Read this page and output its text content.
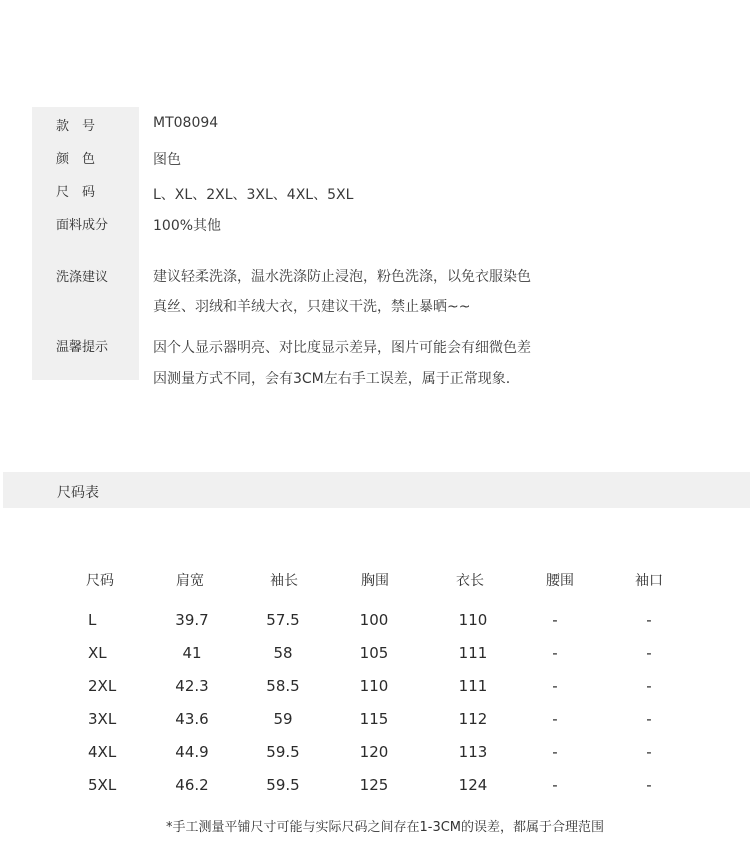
款　号	MT08094
颜　色	图色
尺　码	L、XL、2XL、3XL、4XL、5XL
面料成分	100%其他
洗涤建议	建议轻柔洗涤，温水洗涤防止浸泡，粉色洗涤，以免衣服染色
真丝、羽绒和羊绒大衣，只建议干洗，禁止暴晒~~
温馨提示	因个人显示器明亮、对比度显示差异，图片可能会有细微色差
因测量方式不同，会有3CM左右手工误差，属于正常现象.
尺码表
尺码	肩宽	袖长	胸围	衣长	腰围	袖口
L	39.7	57.5	100	110	-	-
XL	41	58	105	111	-	-
2XL	42.3	58.5	110	111	-	-
3XL	43.6	59	115	112	-	-
4XL	44.9	59.5	120	113	-	-
5XL	46.2	59.5	125	124	-	-
*手工测量平铺尺寸可能与实际尺码之间存在1-3CM的误差，都属于合理范围
